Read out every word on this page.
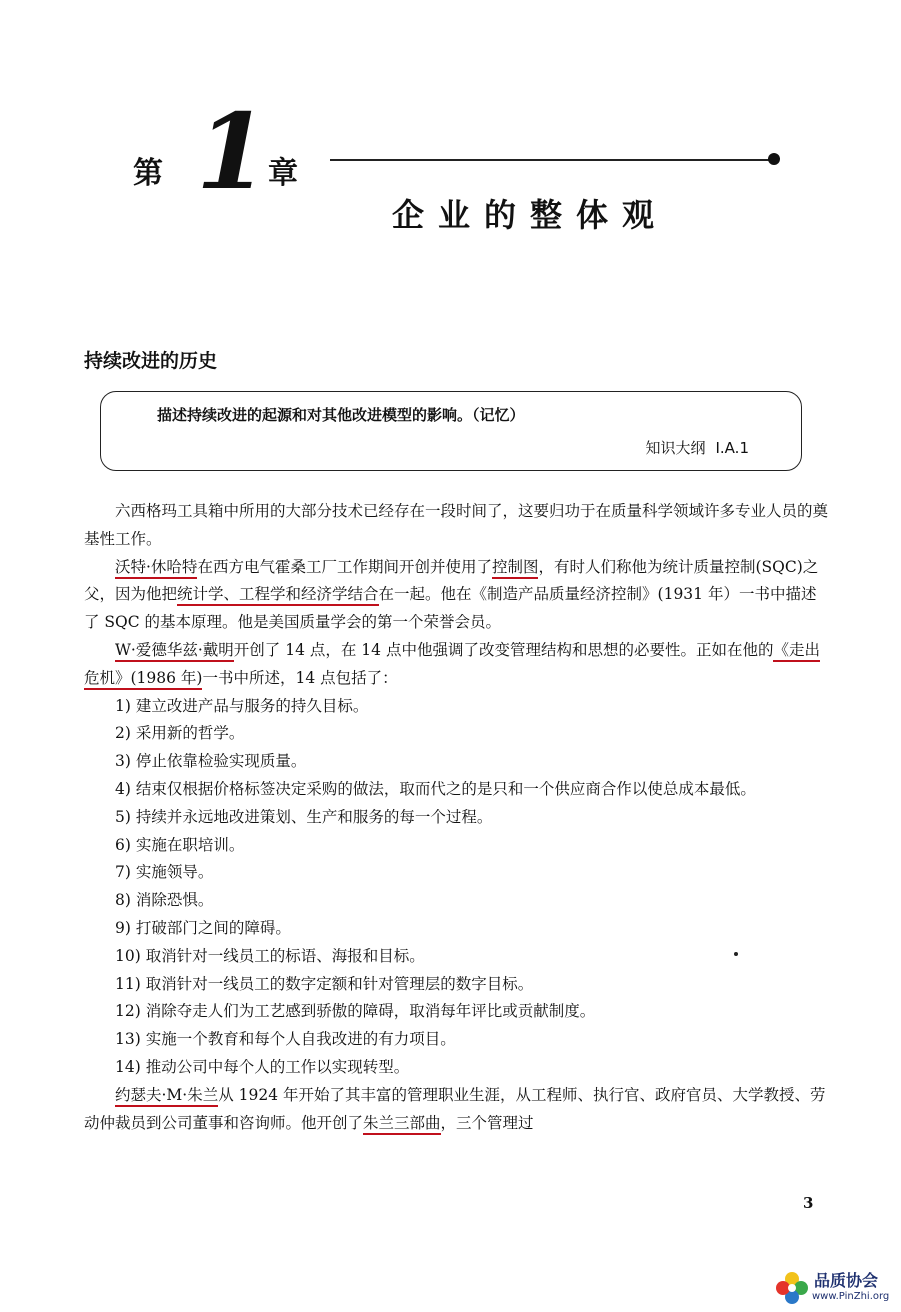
第 1 章
企业的整体观
持续改进的历史
描述持续改进的起源和对其他改进模型的影响。（记忆）
知识大纲 Ⅰ.A.1

六西格玛工具箱中所用的大部分技术已经存在一段时间了，这要归功于在质量科学领域许多专业人员的奠基性工作。

沃特·休哈特在西方电气霍桑工厂工作期间开创并使用了控制图，有时人们称他为统计质量控制(SQC)之父，因为他把统计学、工程学和经济学结合在一起。他在《制造产品质量经济控制》(1931 年）一书中描述了 SQC 的基本原理。他是美国质量学会的第一个荣誉会员。

W·爱德华兹·戴明开创了 14 点，在 14 点中他强调了改变管理结构和思想的必要性。正如在他的《走出危机》(1986 年)一书中所述，14 点包括了：

1) 建立改进产品与服务的持久目标。

2) 采用新的哲学。

3) 停止依靠检验实现质量。

4) 结束仅根据价格标签决定采购的做法，取而代之的是只和一个供应商合作以使总成本最低。

5) 持续并永远地改进策划、生产和服务的每一个过程。

6) 实施在职培训。

7) 实施领导。

8) 消除恐惧。

9) 打破部门之间的障碍。

10) 取消针对一线员工的标语、海报和目标。

11) 取消针对一线员工的数字定额和针对管理层的数字目标。

12) 消除夺走人们为工艺感到骄傲的障碍，取消每年评比或贡献制度。

13) 实施一个教育和每个人自我改进的有力项目。

14) 推动公司中每个人的工作以实现转型。

约瑟夫·M·朱兰从 1924 年开始了其丰富的管理职业生涯，从工程师、执行官、政府官员、大学教授、劳动仲裁员到公司董事和咨询师。他开创了朱兰三部曲，三个管理过

3
品质协会
www.PinZhi.org
